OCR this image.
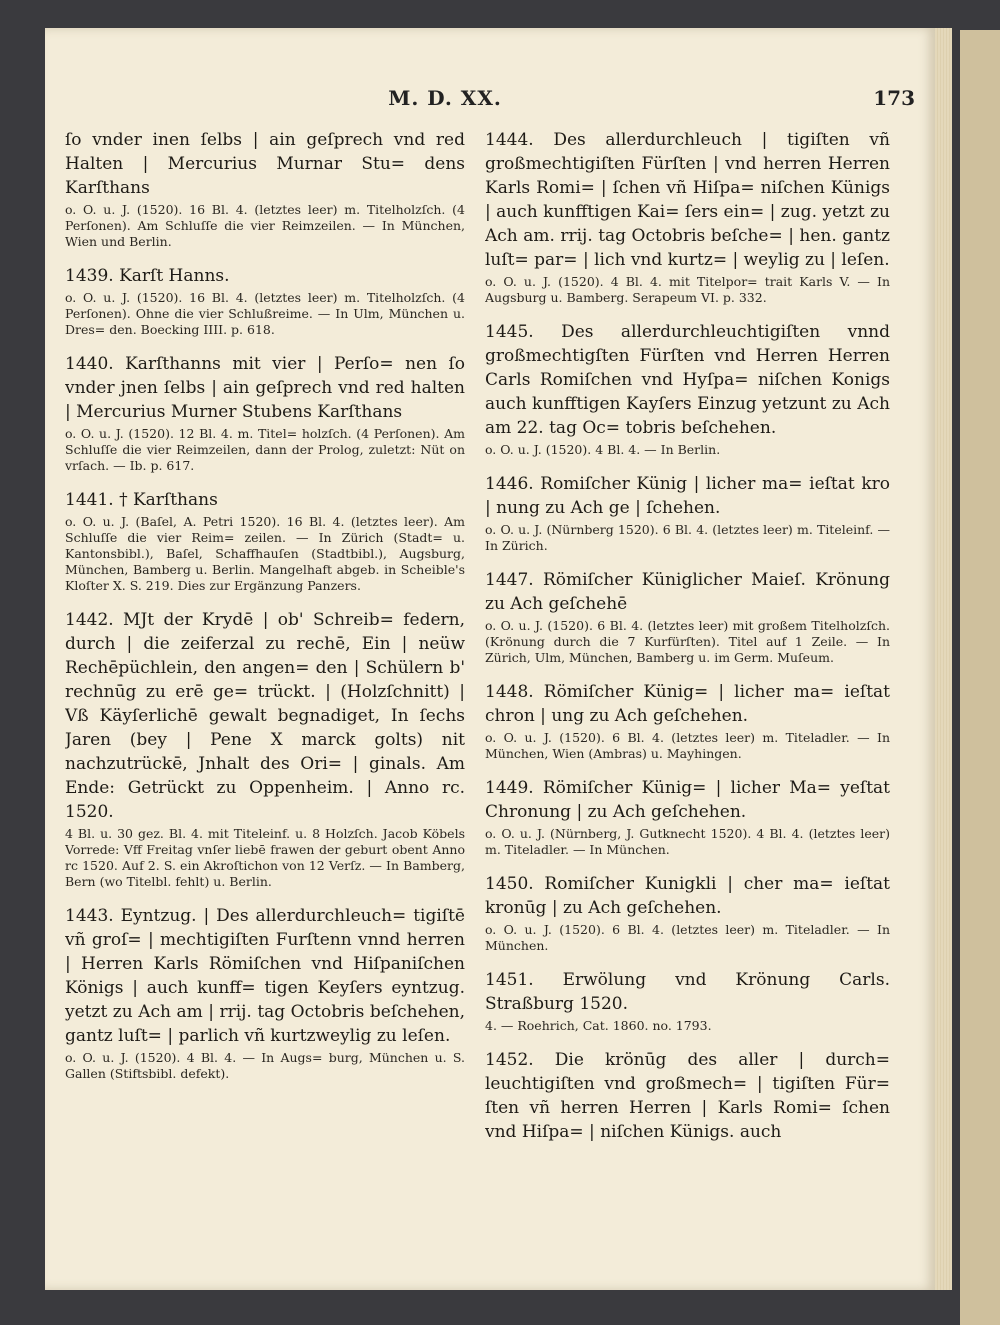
M. D. XX.	173

ſo vnder inen ſelbs | ain geſprech vnd red Halten | Mercurius Murnar Stu= dens Karſthans

o. O. u. J. (1520). 16 Bl. 4. (letztes leer) m. Titelholzſch. (4 Perſonen). Am Schluſſe die vier Reimzeilen. — In München, Wien und Berlin.

1439. Karſt Hanns.

o. O. u. J. (1520). 16 Bl. 4. (letztes leer) m. Titelholzſch. (4 Perſonen). Ohne die vier Schlußreime. — In Ulm, München u. Dres= den. Boecking IIII. p. 618.

1440. Karſthanns mit vier | Perſo= nen ſo vnder jnen ſelbs | ain geſprech vnd red halten | Mercurius Murner Stubens Karſthans

o. O. u. J. (1520). 12 Bl. 4. m. Titel= holzſch. (4 Perſonen). Am Schluſſe die vier Reimzeilen, dann der Prolog, zuletzt: Nüt on vrſach. — Ib. p. 617.

1441. † Karſthans

o. O. u. J. (Baſel, A. Petri 1520). 16 Bl. 4. (letztes leer). Am Schluſſe die vier Reim= zeilen. — In Zürich (Stadt= u. Kantonsbibl.), Baſel, Schaffhauſen (Stadtbibl.), Augsburg, München, Bamberg u. Berlin. Mangelhaft abgeb. in Scheible's Kloſter X. S. 219. Dies zur Ergänzung Panzers.

1442. MJt der Krydē | ob' Schreib= federn, durch | die zeiferzal zu rechē, Ein | neüw Rechēpüchlein, den angen= den | Schülern b' rechnūg zu erē ge= trückt. | (Holzſchnitt) | Vß Käyſerlichē gewalt begnadiget, In ſechs Jaren (bey | Pene X marck golts) nit nachzutrückē, Jnhalt des Ori= | ginals. Am Ende: Getrückt zu Oppenheim. | Anno rc. 1520.

4 Bl. u. 30 gez. Bl. 4. mit Titeleinf. u. 8 Holzſch. Jacob Köbels Vorrede: Vff Freitag vnſer liebē frawen der geburt obent Anno rc 1520. Auf 2. S. ein Akroſtichon von 12 Verſz. — In Bamberg, Bern (wo Titelbl. fehlt) u. Berlin.

1443. Eyntzug. | Des allerdurchleuch= tigiſtē vñ groſ= | mechtigiſten Furſtenn vnnd herren | Herren Karls Römiſchen vnd Hiſpaniſchen Königs | auch kunff= tigen Keyſers eyntzug. yetzt zu Ach am | rrij. tag Octobris beſchehen, gantz luſt= | parlich vñ kurtzweylig zu leſen.

o. O. u. J. (1520). 4 Bl. 4. — In Augs= burg, München u. S. Gallen (Stiftsbibl. defekt).

1444. Des allerdurchleuch | tigiſten vñ großmechtigiſten Fürſten | vnd herren Herren Karls Romi= | ſchen vñ Hiſpa= niſchen Künigs | auch kunfftigen Kai= ſers ein= | zug. yetzt zu Ach am. rrij. tag Octobris beſche= | hen. gantz luſt= par= | lich vnd kurtz= | weylig zu | leſen.

o. O. u. J. (1520). 4 Bl. 4. mit Titelpor= trait Karls V. — In Augsburg u. Bamberg. Serapeum VI. p. 332.

1445. Des allerdurchleuchtigiſten vnnd großmechtigſten Fürſten vnd Herren Herren Carls Romiſchen vnd Hyſpa= niſchen Konigs auch kunfftigen Kayſers Einzug yetzunt zu Ach am 22. tag Oc= tobris beſchehen.

o. O. u. J. (1520). 4 Bl. 4. — In Berlin.

1446. Romiſcher Künig | licher ma= ieſtat kro | nung zu Ach ge | ſchehen.

o. O. u. J. (Nürnberg 1520). 6 Bl. 4. (letztes leer) m. Titeleinf. — In Zürich.

1447. Römiſcher Küniglicher Maieſ. Krönung zu Ach geſchehē

o. O. u. J. (1520). 6 Bl. 4. (letztes leer) mit großem Titelholzſch. (Krönung durch die 7 Kurfürſten). Titel auf 1 Zeile. — In Zürich, Ulm, München, Bamberg u. im Germ. Muſeum.

1448. Römiſcher Künig= | licher ma= ieſtat chron | ung zu Ach geſchehen.

o. O. u. J. (1520). 6 Bl. 4. (letztes leer) m. Titeladler. — In München, Wien (Ambras) u. Mayhingen.

1449. Römiſcher Künig= | licher Ma= yeſtat Chronung | zu Ach geſchehen.

o. O. u. J. (Nürnberg, J. Gutknecht 1520). 4 Bl. 4. (letztes leer) m. Titeladler. — In München.

1450. Romiſcher Kunigkli | cher ma= ieſtat kronūg | zu Ach geſchehen.

o. O. u. J. (1520). 6 Bl. 4. (letztes leer) m. Titeladler. — In München.

1451. Erwölung vnd Krönung Carls. Straßburg 1520.

4. — Roehrich, Cat. 1860. no. 1793.

1452. Die krönūg des aller | durch= leuchtigiſten vnd großmech= | tigiſten Für= ſten vñ herren Herren | Karls Romi= ſchen vnd Hiſpa= | niſchen Künigs. auch
